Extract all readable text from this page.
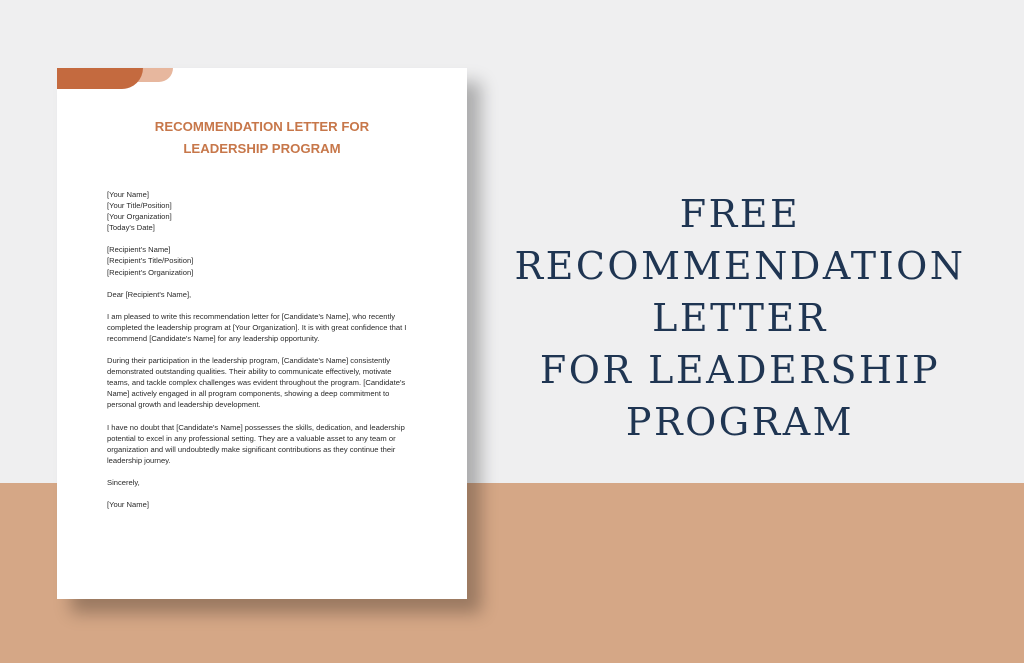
RECOMMENDATION LETTER FOR
LEADERSHIP PROGRAM

[Your Name]

[Your Title/Position]

[Your Organization]

[Today's Date]

[Recipient's Name]

[Recipient's Title/Position]

[Recipient's Organization]

Dear [Recipient's Name],

I am pleased to write this recommendation letter for [Candidate's Name], who recently

completed the leadership program at [Your Organization]. It is with great confidence that I

recommend [Candidate's Name] for any leadership opportunity.

During their participation in the leadership program, [Candidate's Name] consistently

demonstrated outstanding qualities. Their ability to communicate effectively, motivate

teams, and tackle complex challenges was evident throughout the program. [Candidate's

Name] actively engaged in all program components, showing a deep commitment to

personal growth and leadership development.

I have no doubt that [Candidate's Name] possesses the skills, dedication, and leadership

potential to excel in any professional setting. They are a valuable asset to any team or

organization and will undoubtedly make significant contributions as they continue their

leadership journey.

Sincerely,

[Your Name]

FREE
RECOMMENDATION
LETTER
FOR LEADERSHIP
PROGRAM
